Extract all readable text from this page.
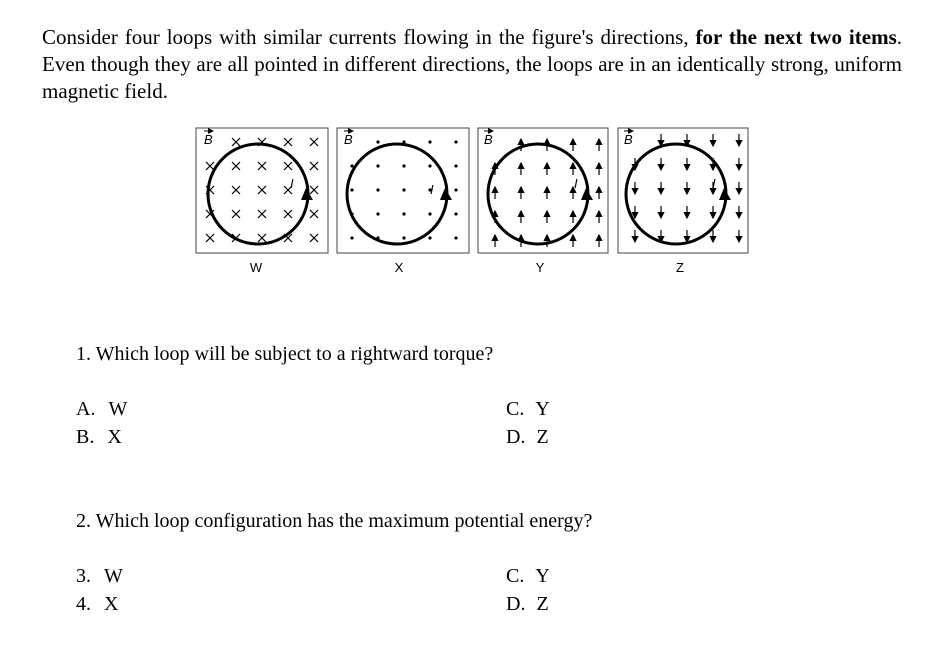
Consider four loops with similar currents flowing in the figure's directions, for the next two items. Even though they are all pointed in different directions, the loops are in an identically strong, uniform magnetic field.
B
I
W
B
I
X
B
I
Y
B
I
Z
1. Which loop will be subject to a rightward torque?
A. W
B. X
C. Y
D. Z
2. Which loop configuration has the maximum potential energy?
3. W
4. X
C. Y
D. Z
